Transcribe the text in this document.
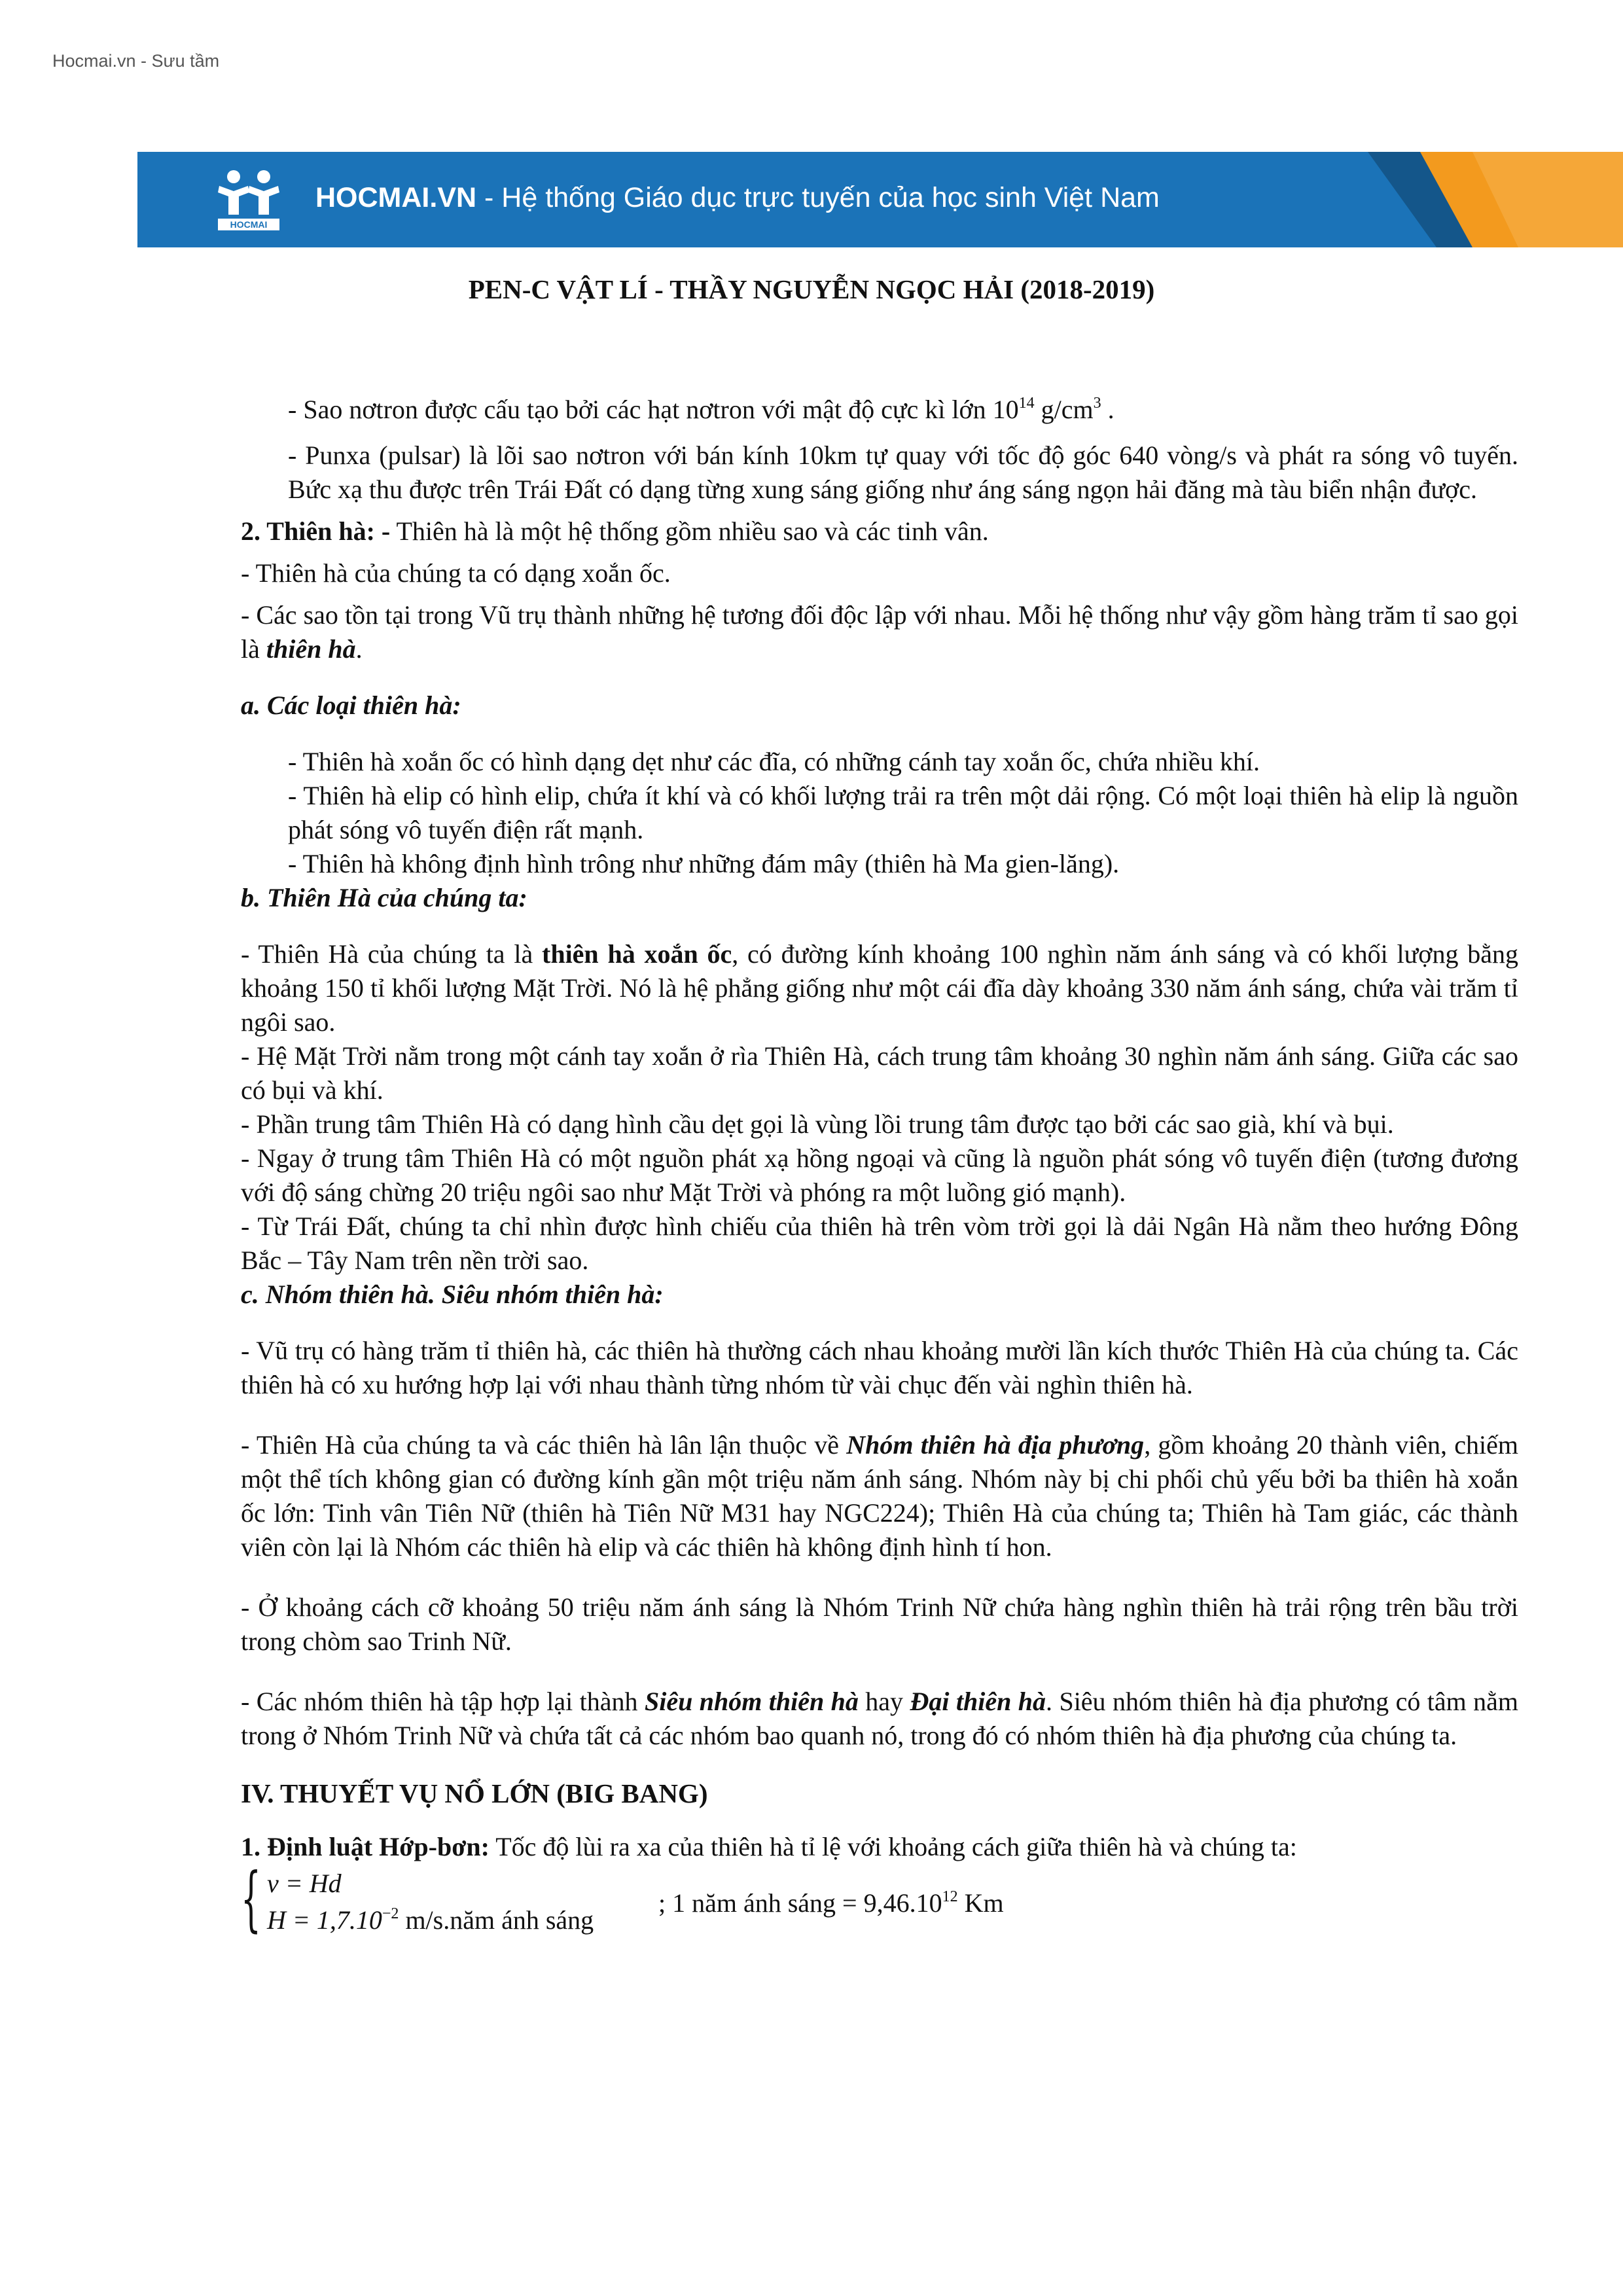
Hocmai.vn - Sưu tầm
HOCMAI
HOCMAI.VN - Hệ thống Giáo dục trực tuyến của học sinh Việt Nam
PEN-C VẬT LÍ - THẦY NGUYỄN NGỌC HẢI (2018-2019)

- Sao nơtron được cấu tạo bởi các hạt nơtron với mật độ cực kì lớn $10^{14}$ $g/cm^3$ .

- Punxa (pulsar) là lõi sao nơtron với bán kính 10km tự quay với tốc độ góc 640 vòng/s và phát ra sóng vô tuyến. Bức xạ thu được trên Trái Đất có dạng từng xung sáng giống như áng sáng ngọn hải đăng mà tàu biển nhận được.

2. Thiên hà: - Thiên hà là một hệ thống gồm nhiều sao và các tinh vân.

- Thiên hà của chúng ta có dạng xoắn ốc.

- Các sao tồn tại trong Vũ trụ thành những hệ tương đối độc lập với nhau. Mỗi hệ thống như vậy gồm hàng trăm tỉ sao gọi là thiên hà.

a. Các loại thiên hà:

- Thiên hà xoắn ốc có hình dạng dẹt như các đĩa, có những cánh tay xoắn ốc, chứa nhiều khí.

- Thiên hà elip có hình elip, chứa ít khí và có khối lượng trải ra trên một dải rộng. Có một loại thiên hà elip là nguồn phát sóng vô tuyến điện rất mạnh.

- Thiên hà không định hình trông như những đám mây (thiên hà Ma gien-lăng).

b. Thiên Hà của chúng ta:

- Thiên Hà của chúng ta là thiên hà xoắn ốc, có đường kính khoảng 100 nghìn năm ánh sáng và có khối lượng bằng khoảng 150 tỉ khối lượng Mặt Trời. Nó là hệ phẳng giống như một cái đĩa dày khoảng 330 năm ánh sáng, chứa vài trăm tỉ ngôi sao.

- Hệ Mặt Trời nằm trong một cánh tay xoắn ở rìa Thiên Hà, cách trung tâm khoảng 30 nghìn năm ánh sáng. Giữa các sao có bụi và khí.

- Phần trung tâm Thiên Hà có dạng hình cầu dẹt gọi là vùng lồi trung tâm được tạo bởi các sao già, khí và bụi.

- Ngay ở trung tâm Thiên Hà có một nguồn phát xạ hồng ngoại và cũng là nguồn phát sóng vô tuyến điện (tương đương với độ sáng chừng 20 triệu ngôi sao như Mặt Trời và phóng ra một luồng gió mạnh).

- Từ Trái Đất, chúng ta chỉ nhìn được hình chiếu của thiên hà trên vòm trời gọi là dải Ngân Hà nằm theo hướng Đông Bắc – Tây Nam trên nền trời sao.

c. Nhóm thiên hà. Siêu nhóm thiên hà:

- Vũ trụ có hàng trăm tỉ thiên hà, các thiên hà thường cách nhau khoảng mười lần kích thước Thiên Hà của chúng ta. Các thiên hà có xu hướng hợp lại với nhau thành từng nhóm từ vài chục đến vài nghìn thiên hà.

- Thiên Hà của chúng ta và các thiên hà lân lận thuộc về Nhóm thiên hà địa phương, gồm khoảng 20 thành viên, chiếm một thể tích không gian có đường kính gần một triệu năm ánh sáng. Nhóm này bị chi phối chủ yếu bởi ba thiên hà xoắn ốc lớn: Tinh vân Tiên Nữ (thiên hà Tiên Nữ M31 hay NGC224); Thiên Hà của chúng ta; Thiên hà Tam giác, các thành viên còn lại là Nhóm các thiên hà elip và các thiên hà không định hình tí hon.

- Ở khoảng cách cỡ khoảng 50 triệu năm ánh sáng là Nhóm Trinh Nữ chứa hàng nghìn thiên hà trải rộng trên bầu trời trong chòm sao Trinh Nữ.

- Các nhóm thiên hà tập hợp lại thành Siêu nhóm thiên hà hay Đại thiên hà. Siêu nhóm thiên hà địa phương có tâm nằm trong ở Nhóm Trinh Nữ và chứa tất cả các nhóm bao quanh nó, trong đó có nhóm thiên hà địa phương của chúng ta.

IV. THUYẾT VỤ NỔ LỚN (BIG BANG)

1. Định luật Hớp-bơn: Tốc độ lùi ra xa của thiên hà tỉ lệ với khoảng cách giữa thiên hà và chúng ta:

{ v = Hd
$H = 1,7.10^{-2}$ m/s.năm ánh sáng
; 1 năm ánh sáng = $9,46.10^{12}$ Km
